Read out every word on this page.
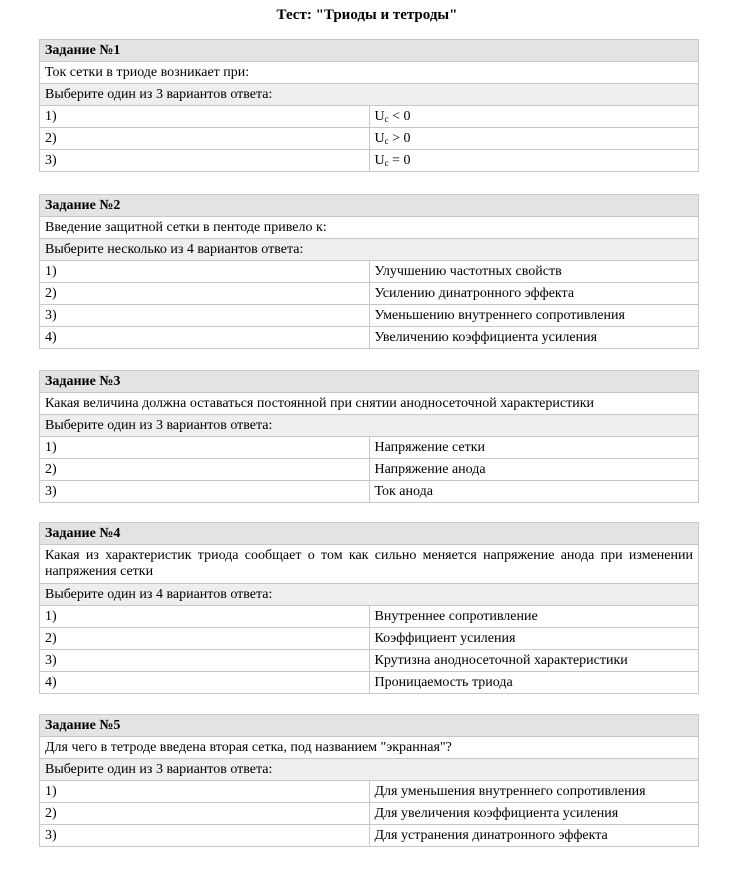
Тест: "Триоды и тетроды"
Задание №1	
Ток сетки в триоде возникает при:	
Выберите один из 3 вариантов ответа:	
1)	$U_c < 0$
2)	$U_c > 0$
3)	$U_c = 0$
Задание №2	
Введение защитной сетки в пентоде привело к:	
Выберите несколько из 4 вариантов ответа:	
1)	Улучшению частотных свойств
2)	Усилению динатронного эффекта
3)	Уменьшению внутреннего сопротивления
4)	Увеличению коэффициента усиления
Задание №3	
Какая величина должна оставаться постоянной при снятии анодносеточной характеристики	
Выберите один из 3 вариантов ответа:	
1)	Напряжение сетки
2)	Напряжение анода
3)	Ток анода
Задание №4	
Какая из характеристик триода сообщает о том как сильно меняется напряжение анода при изменении напряжения сетки	
Выберите один из 4 вариантов ответа:	
1)	Внутреннее сопротивление
2)	Коэффициент усиления
3)	Крутизна анодносеточной характеристики
4)	Проницаемость триода
Задание №5	
Для чего в тетроде введена вторая сетка, под названием "экранная"?	
Выберите один из 3 вариантов ответа:	
1)	Для уменьшения внутреннего сопротивления
2)	Для увеличения коэффициента усиления
3)	Для устранения динатронного эффекта
